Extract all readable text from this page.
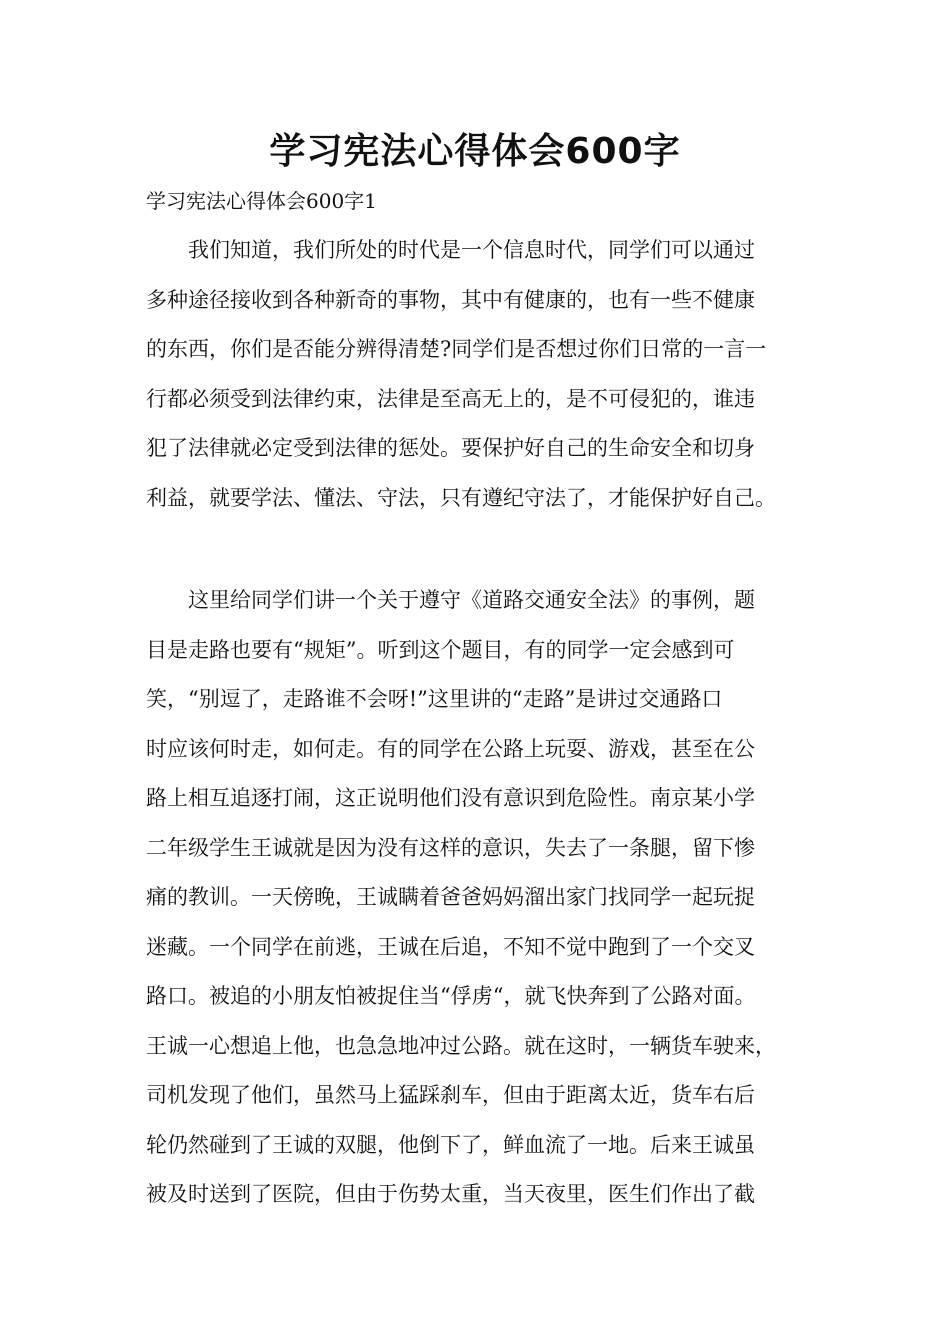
学习宪法心得体会600字
学习宪法心得体会600字1
　　我们知道，我们所处的时代是一个信息时代，同学们可以通过
多种途径接收到各种新奇的事物，其中有健康的，也有一些不健康
的东西，你们是否能分辨得清楚?同学们是否想过你们日常的一言一
行都必须受到法律约束，法律是至高无上的，是不可侵犯的，谁违
犯了法律就必定受到法律的惩处。要保护好自己的生命安全和切身
利益，就要学法、懂法、守法，只有遵纪守法了，才能保护好自己。
　　这里给同学们讲一个关于遵守《道路交通安全法》的事例，题
目是走路也要有“规矩”。听到这个题目，有的同学一定会感到可
笑，“别逗了，走路谁不会呀!”这里讲的“走路”是讲过交通路口
时应该何时走，如何走。有的同学在公路上玩耍、游戏，甚至在公
路上相互追逐打闹，这正说明他们没有意识到危险性。南京某小学
二年级学生王诚就是因为没有这样的意识，失去了一条腿，留下惨
痛的教训。一天傍晚，王诚瞒着爸爸妈妈溜出家门找同学一起玩捉
迷藏。一个同学在前逃，王诚在后追，不知不觉中跑到了一个交叉
路口。被追的小朋友怕被捉住当“俘虏“，就飞快奔到了公路对面。
王诚一心想追上他，也急急地冲过公路。就在这时，一辆货车驶来，
司机发现了他们，虽然马上猛踩刹车，但由于距离太近，货车右后
轮仍然碰到了王诚的双腿，他倒下了，鲜血流了一地。后来王诚虽
被及时送到了医院，但由于伤势太重，当天夜里，医生们作出了截
